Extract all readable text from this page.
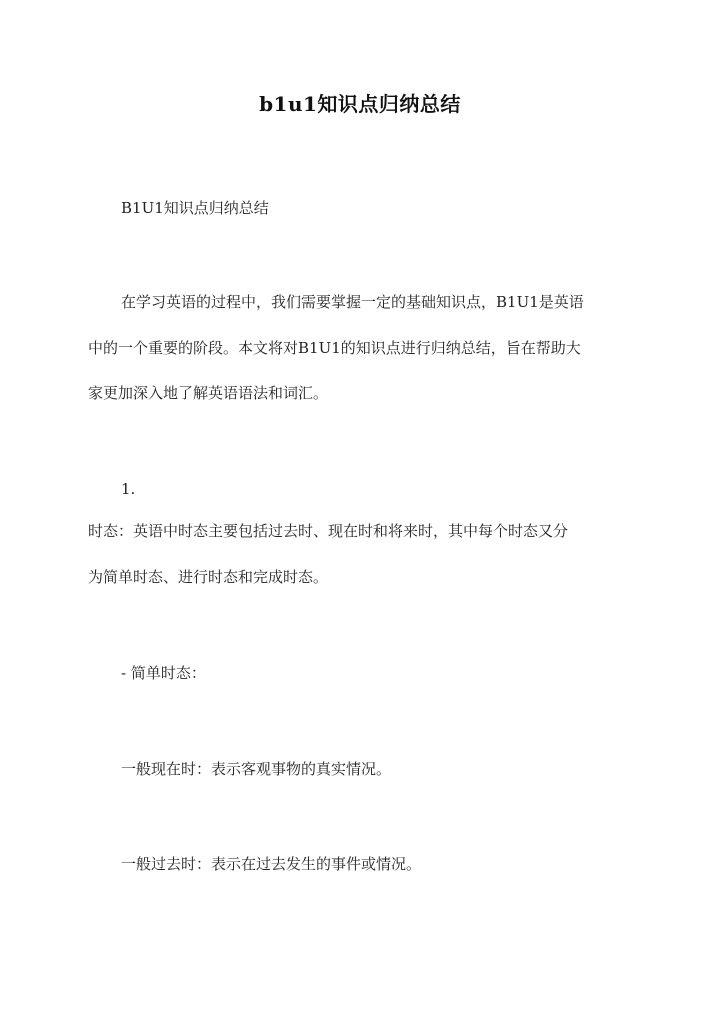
b1u1知识点归纳总结
B1U1知识点归纳总结
在学习英语的过程中，我们需要掌握一定的基础知识点，B1U1是英语
中的一个重要的阶段。本文将对B1U1的知识点进行归纳总结，旨在帮助大
家更加深入地了解英语语法和词汇。
1.
时态：英语中时态主要包括过去时、现在时和将来时，其中每个时态又分
为简单时态、进行时态和完成时态。
- 简单时态：
一般现在时：表示客观事物的真实情况。
一般过去时：表示在过去发生的事件或情况。
